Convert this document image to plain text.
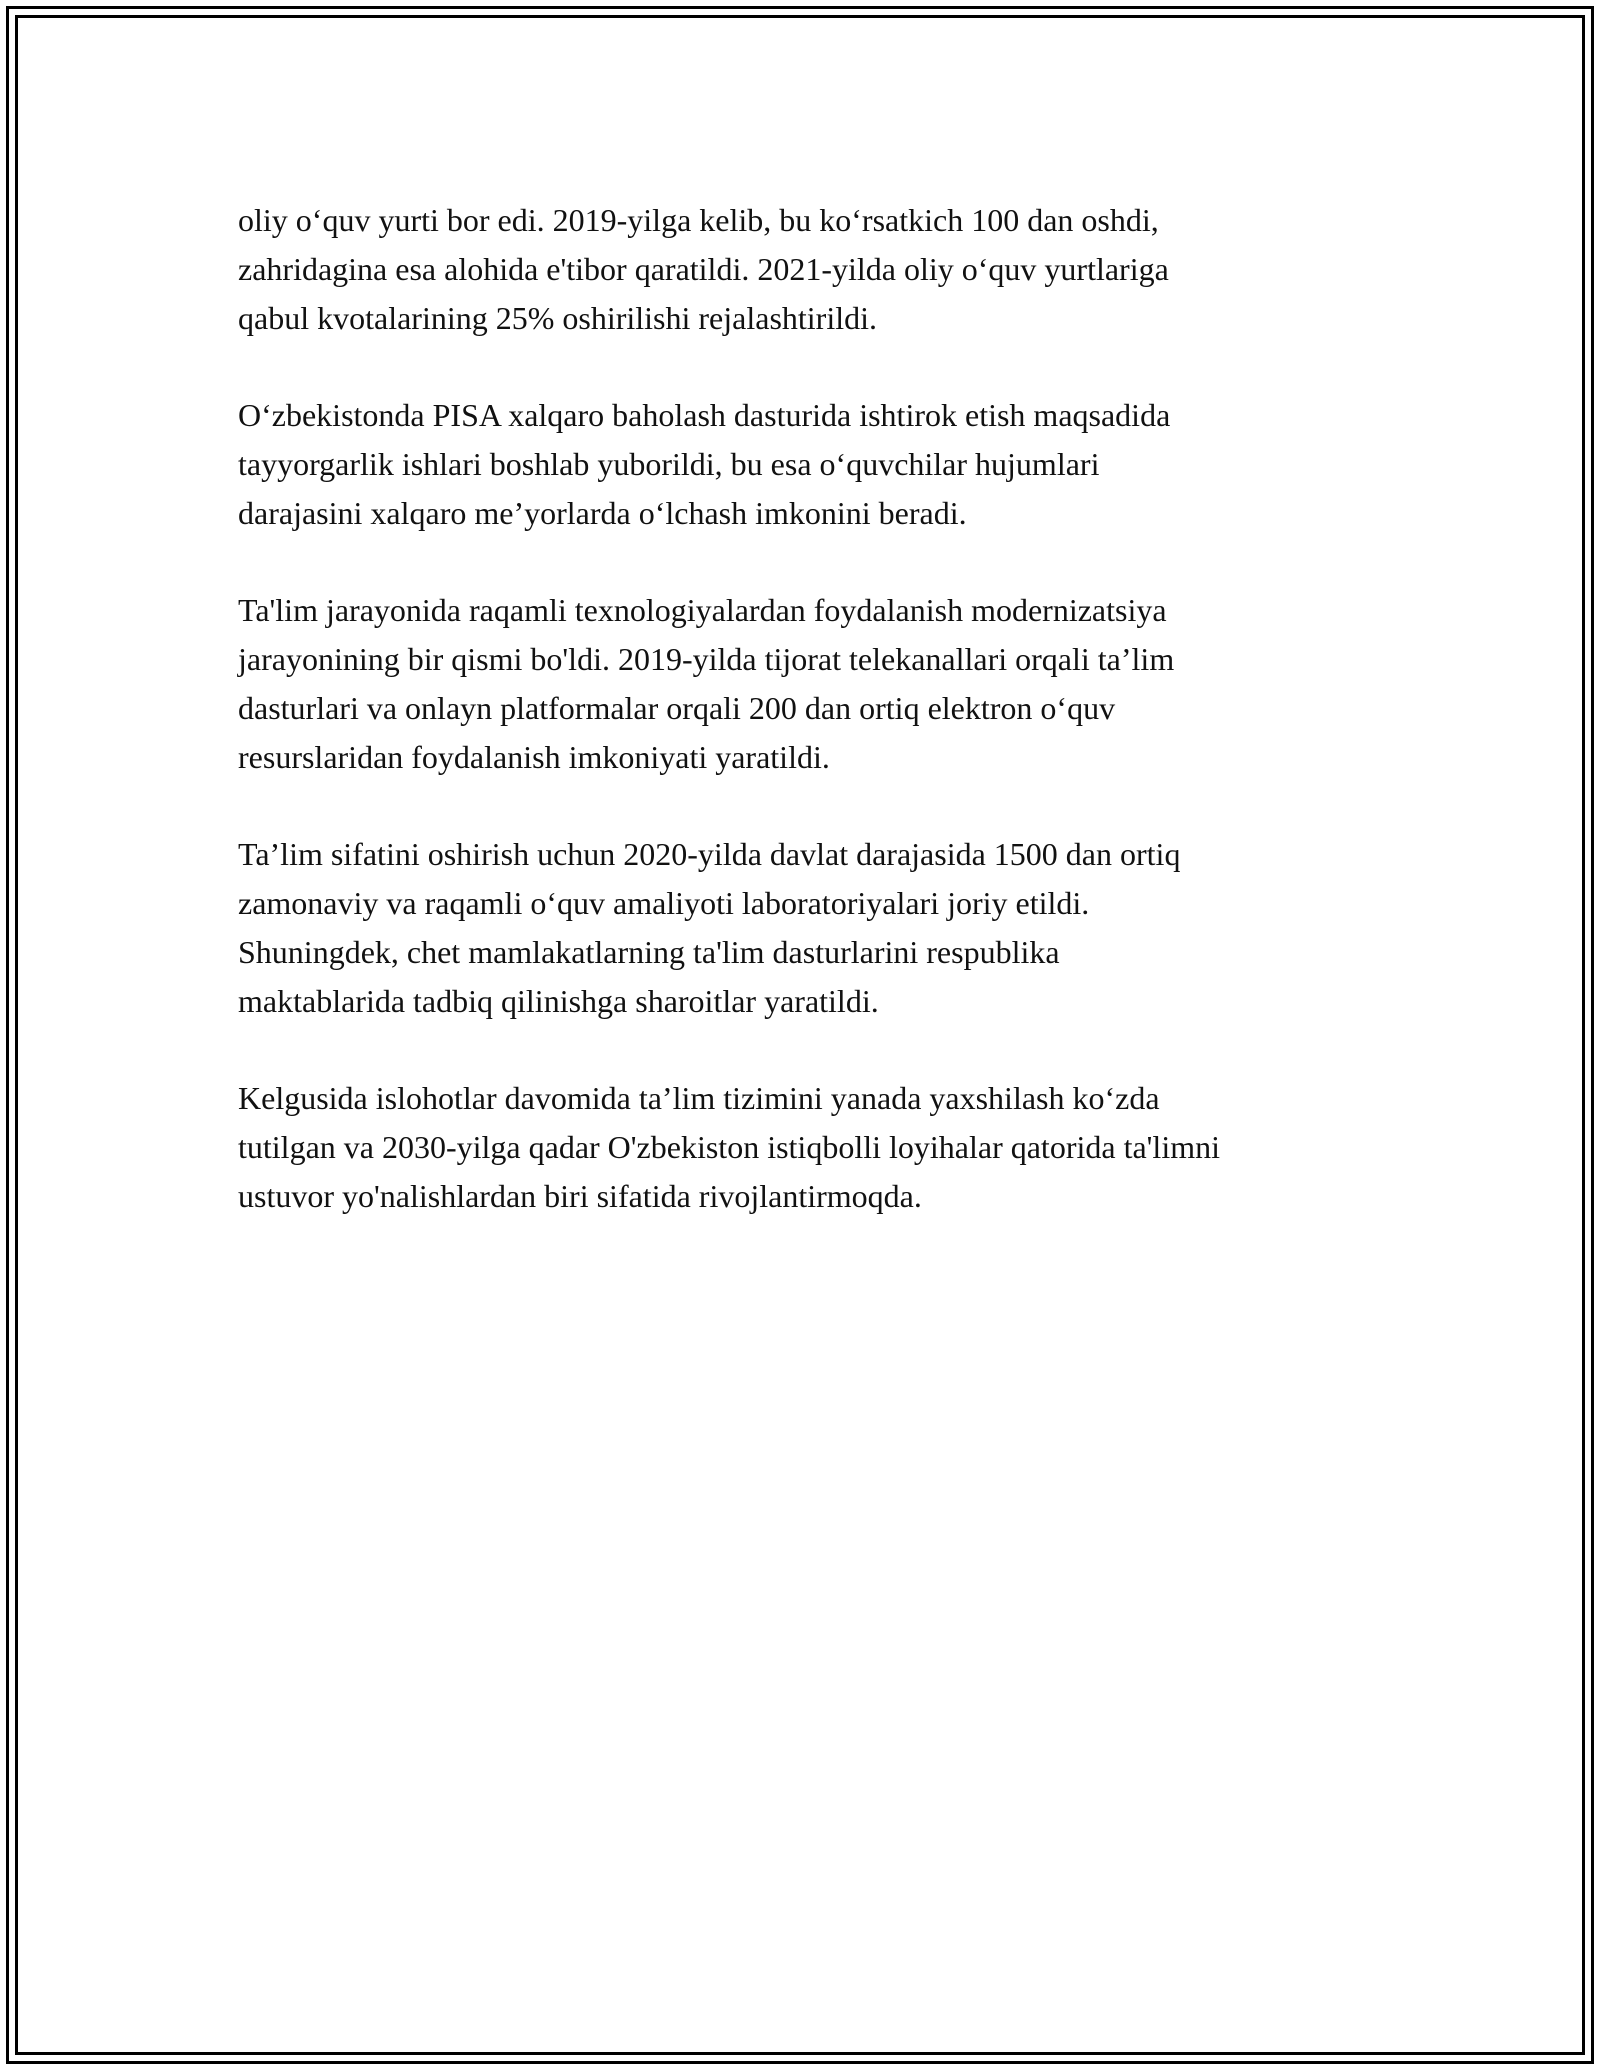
oliy o‘quv yurti bor edi. 2019-yilga kelib, bu ko‘rsatkich 100 dan oshdi,
zahridagina esa alohida e'tibor qaratildi. 2021-yilda oliy o‘quv yurtlariga
qabul kvotalarining 25% oshirilishi rejalashtirildi.

O‘zbekistonda PISA xalqaro baholash dasturida ishtirok etish maqsadida
tayyorgarlik ishlari boshlab yuborildi, bu esa o‘quvchilar hujumlari
darajasini xalqaro me’yorlarda o‘lchash imkonini beradi.

Ta'lim jarayonida raqamli texnologiyalardan foydalanish modernizatsiya
jarayonining bir qismi bo'ldi. 2019-yilda tijorat telekanallari orqali ta’lim
dasturlari va onlayn platformalar orqali 200 dan ortiq elektron o‘quv
resurslaridan foydalanish imkoniyati yaratildi.

Ta’lim sifatini oshirish uchun 2020-yilda davlat darajasida 1500 dan ortiq
zamonaviy va raqamli o‘quv amaliyoti laboratoriyalari joriy etildi.
Shuningdek, chet mamlakatlarning ta'lim dasturlarini respublika
maktablarida tadbiq qilinishga sharoitlar yaratildi.

Kelgusida islohotlar davomida ta’lim tizimini yanada yaxshilash ko‘zda
tutilgan va 2030-yilga qadar O'zbekiston istiqbolli loyihalar qatorida ta'limni
ustuvor yo'nalishlardan biri sifatida rivojlantirmoqda.
